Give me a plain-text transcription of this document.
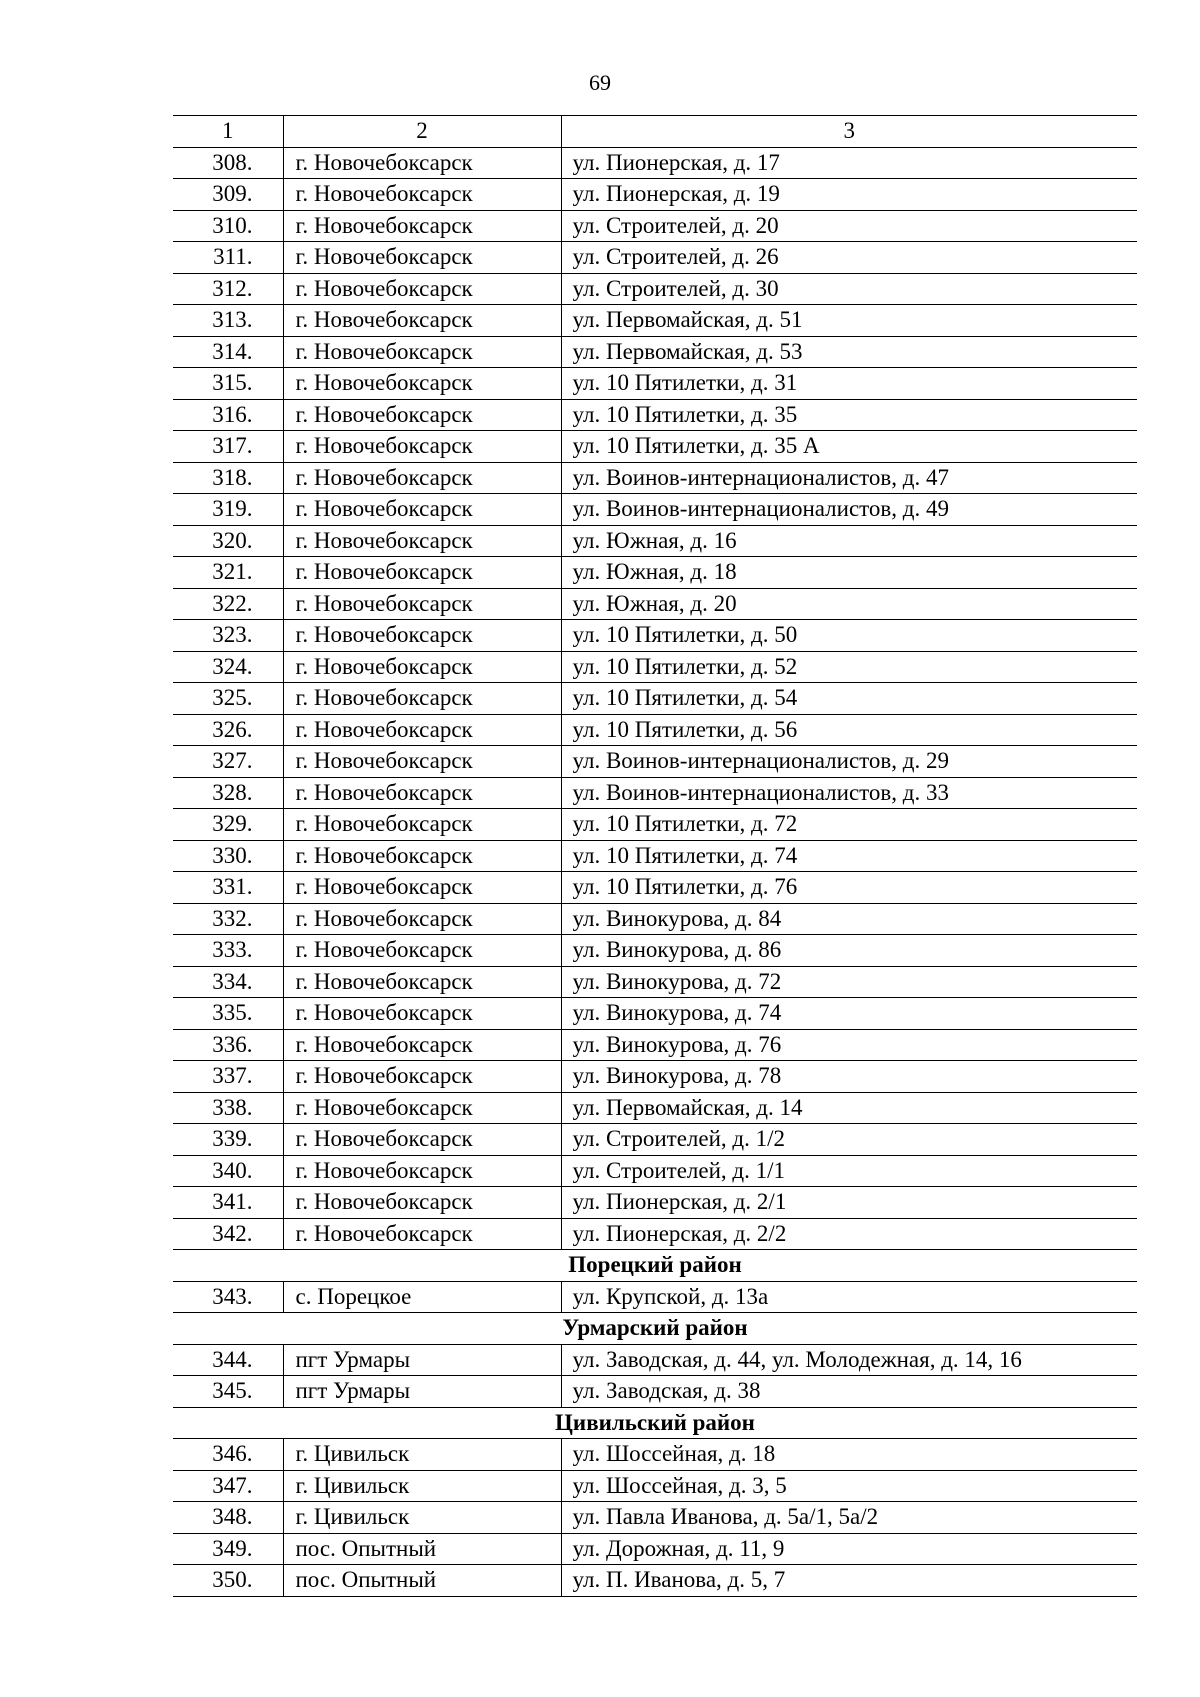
69
1	2	3
308.	г. Новочебоксарск	ул. Пионерская, д. 17
309.	г. Новочебоксарск	ул. Пионерская, д. 19
310.	г. Новочебоксарск	ул. Строителей, д. 20
311.	г. Новочебоксарск	ул. Строителей, д. 26
312.	г. Новочебоксарск	ул. Строителей, д. 30
313.	г. Новочебоксарск	ул. Первомайская, д. 51
314.	г. Новочебоксарск	ул. Первомайская, д. 53
315.	г. Новочебоксарск	ул. 10 Пятилетки, д. 31
316.	г. Новочебоксарск	ул. 10 Пятилетки, д. 35
317.	г. Новочебоксарск	ул. 10 Пятилетки, д. 35 А
318.	г. Новочебоксарск	ул. Воинов-интернационалистов, д. 47
319.	г. Новочебоксарск	ул. Воинов-интернационалистов, д. 49
320.	г. Новочебоксарск	ул. Южная, д. 16
321.	г. Новочебоксарск	ул. Южная, д. 18
322.	г. Новочебоксарск	ул. Южная, д. 20
323.	г. Новочебоксарск	ул. 10 Пятилетки, д. 50
324.	г. Новочебоксарск	ул. 10 Пятилетки, д. 52
325.	г. Новочебоксарск	ул. 10 Пятилетки, д. 54
326.	г. Новочебоксарск	ул. 10 Пятилетки, д. 56
327.	г. Новочебоксарск	ул. Воинов-интернационалистов, д. 29
328.	г. Новочебоксарск	ул. Воинов-интернационалистов, д. 33
329.	г. Новочебоксарск	ул. 10 Пятилетки, д. 72
330.	г. Новочебоксарск	ул. 10 Пятилетки, д. 74
331.	г. Новочебоксарск	ул. 10 Пятилетки, д. 76
332.	г. Новочебоксарск	ул. Винокурова, д. 84
333.	г. Новочебоксарск	ул. Винокурова, д. 86
334.	г. Новочебоксарск	ул. Винокурова, д. 72
335.	г. Новочебоксарск	ул. Винокурова, д. 74
336.	г. Новочебоксарск	ул. Винокурова, д. 76
337.	г. Новочебоксарск	ул. Винокурова, д. 78
338.	г. Новочебоксарск	ул. Первомайская, д. 14
339.	г. Новочебоксарск	ул. Строителей, д. 1/2
340.	г. Новочебоксарск	ул. Строителей, д. 1/1
341.	г. Новочебоксарск	ул. Пионерская, д. 2/1
342.	г. Новочебоксарск	ул. Пионерская, д. 2/2
Порецкий район		
343.	с. Порецкое	ул. Крупской, д. 13а
Урмарский район		
344.	пгт Урмары	ул. Заводская, д. 44, ул. Молодежная, д. 14, 16
345.	пгт Урмары	ул. Заводская, д. 38
Цивильский район		
346.	г. Цивильск	ул. Шоссейная, д. 18
347.	г. Цивильск	ул. Шоссейная, д. 3, 5
348.	г. Цивильск	ул. Павла Иванова, д. 5а/1, 5а/2
349.	пос. Опытный	ул. Дорожная, д. 11, 9
350.	пос. Опытный	ул. П. Иванова, д. 5, 7
